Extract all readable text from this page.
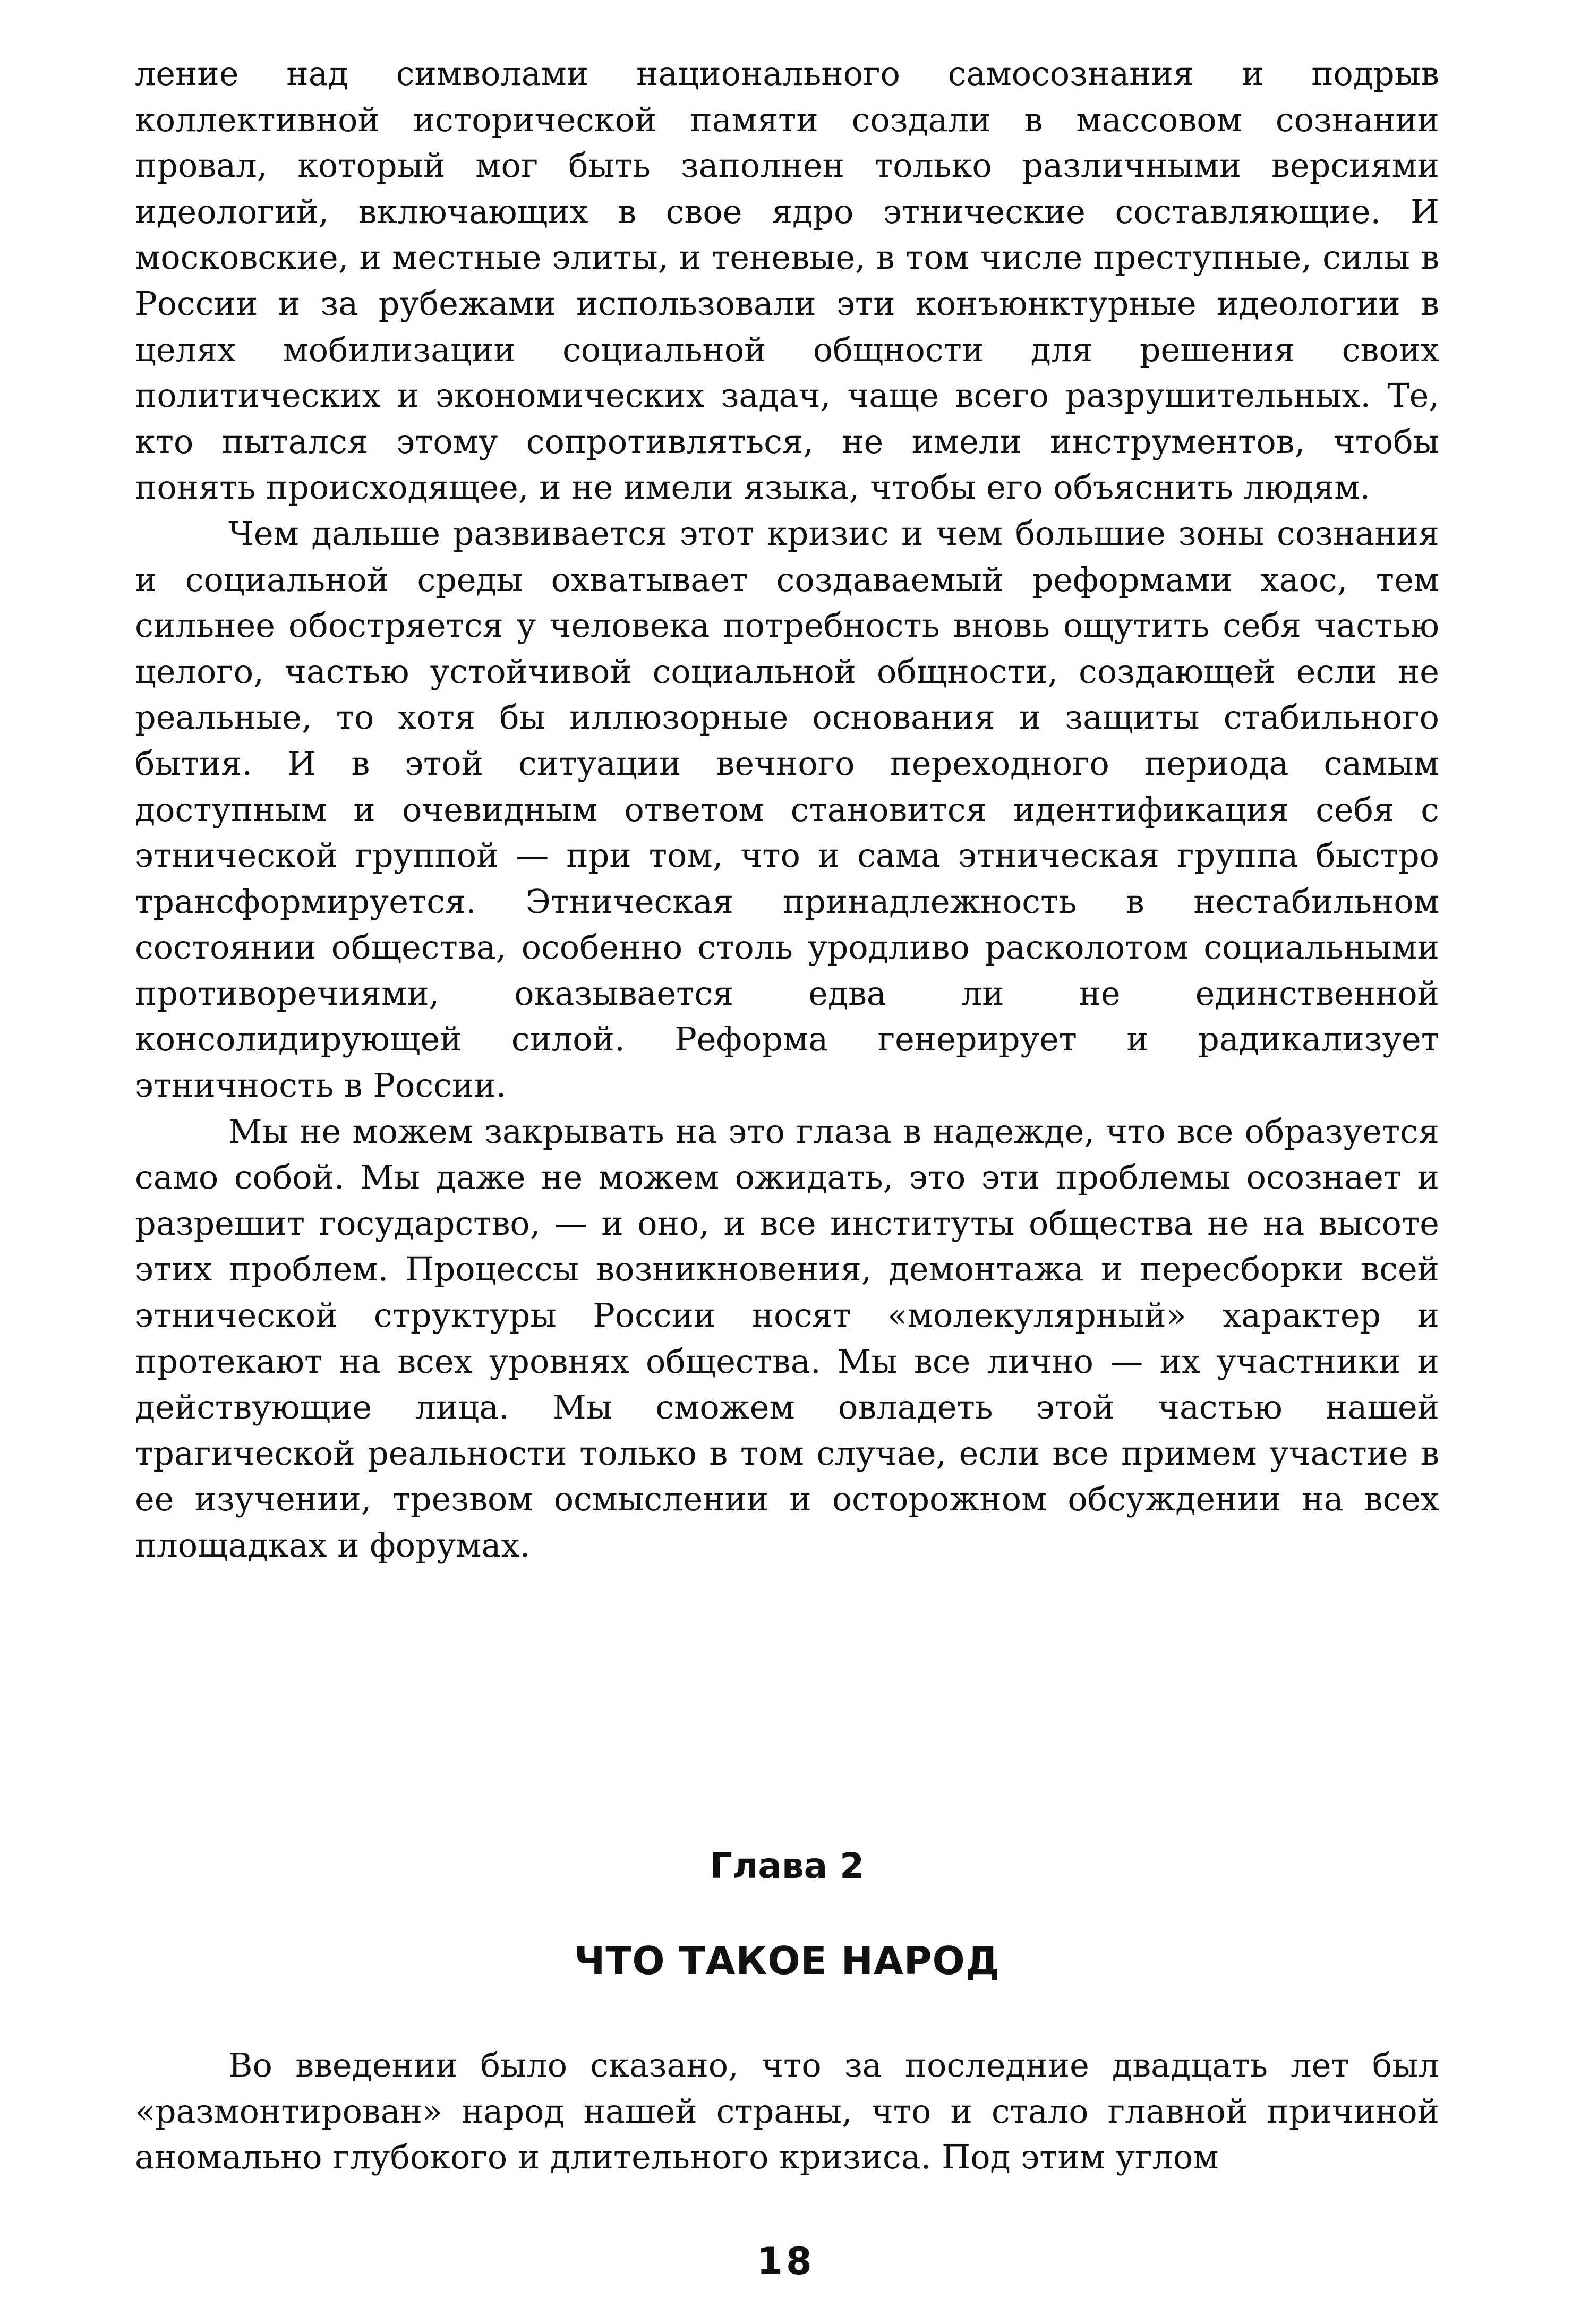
ление над символами национального самосознания и подрыв коллективной исторической памяти создали в массовом сознании провал, который мог быть заполнен только различными версиями идеологий, включающих в свое ядро этнические составляющие. И московские, и местные элиты, и теневые, в том числе преступные, силы в России и за рубежами использовали эти конъюнктурные идеологии в целях мобилизации социальной общности для решения своих политических и экономических задач, чаще всего разрушительных. Те, кто пытался этому сопротивляться, не имели инструментов, чтобы понять происходящее, и не имели языка, чтобы его объяснить людям.

Чем дальше развивается этот кризис и чем большие зоны сознания и социальной среды охватывает создаваемый реформами хаос, тем сильнее обостряется у человека потребность вновь ощутить себя частью целого, частью устойчивой социальной общности, создающей если не реальные, то хотя бы иллюзорные основания и защиты стабильного бытия. И в этой ситуации вечного переходного периода самым доступным и очевидным ответом становится идентификация себя с этнической группой — при том, что и сама этническая группа быстро трансформируется. Этническая принадлежность в нестабильном состоянии общества, особенно столь уродливо расколотом социальными противоречиями, оказывается едва ли не единственной консолидирующей силой. Реформа генерирует и радикализует этничность в России.

Мы не можем закрывать на это глаза в надежде, что все образуется само собой. Мы даже не можем ожидать, это эти проблемы осознает и разрешит государство, — и оно, и все институты общества не на высоте этих проблем. Процессы возникновения, демонтажа и пересборки всей этнической структуры России носят «молекулярный» характер и протекают на всех уровнях общества. Мы все лично — их участники и действующие лица. Мы сможем овладеть этой частью нашей трагической реальности только в том случае, если все примем участие в ее изучении, трезвом осмыслении и осторожном обсуждении на всех площадках и форумах.

Глава 2

ЧТО ТАКОЕ НАРОД

Во введении было сказано, что за последние двадцать лет был «размонтирован» народ нашей страны, что и стало главной причиной аномально глубокого и длительного кризиса. Под этим углом

18
